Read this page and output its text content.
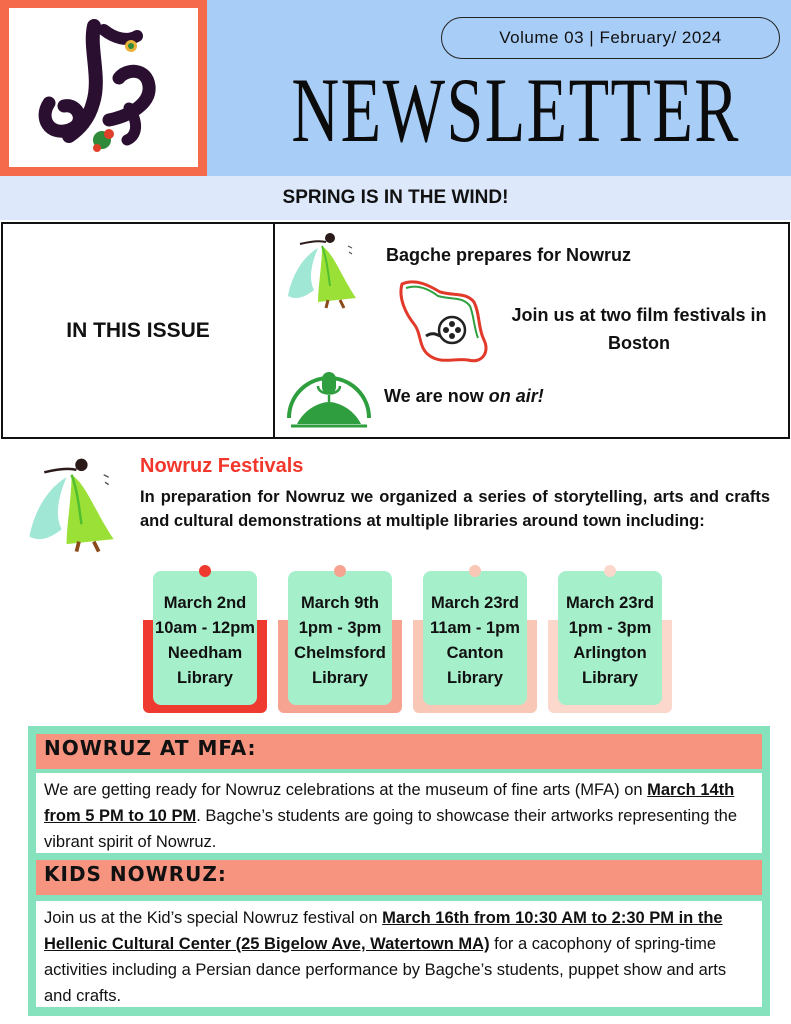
Volume 03 | February/ 2024
NEWSLETTER
SPRING IS IN THE WIND!
IN THIS ISSUE
Bagche prepares for Nowruz
Join us at two film festivals in
Boston
We are now on air!
Nowruz Festivals
In preparation for Nowruz we organized a series of storytelling, arts and crafts and cultural demonstrations at multiple libraries around town including:
March 2nd
10am - 12pm
Needham
Library
March 9th
1pm - 3pm
Chelmsford
Library
March 23rd
11am - 1pm
Canton
Library
March 23rd
1pm - 3pm
Arlington
Library
NOWRUZ AT MFA:
We are getting ready for Nowruz celebrations at the museum of fine arts (MFA) on March 14th from 5 PM to 10 PM. Bagche’s students are going to showcase their artworks representing the vibrant spirit of Nowruz.
KIDS NOWRUZ:
Join us at the Kid’s special Nowruz festival on March 16th from 10:30 AM to 2:30 PM in the Hellenic Cultural Center (25 Bigelow Ave, Watertown MA) for a cacophony of spring-time activities including a Persian dance performance by Bagche’s students, puppet show and arts and crafts.
